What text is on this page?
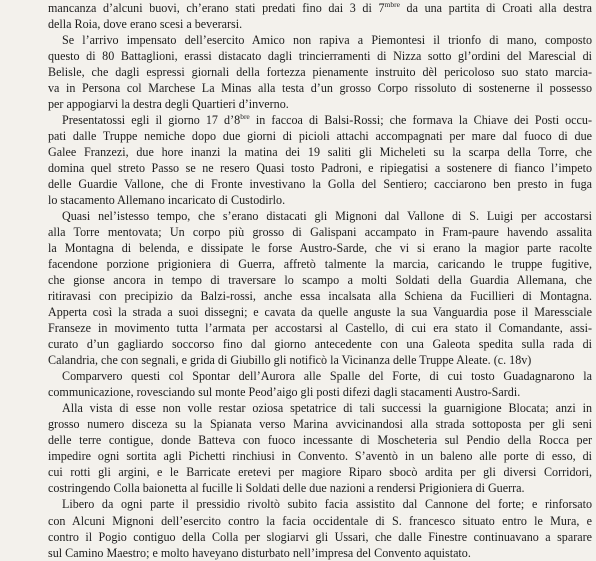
mancanza d’alcuni buovi, ch’erano stati predati fino dai 3 di $7^{mbre}$ da una partita di Croati alla destra
della Roia, dove erano scesi a beverarsi.
Se l’arrivo impensato dell’esercito Amico non rapiva a Piemontesi il trionfo di mano, composto
questo di 80 Battaglioni, erassi distacato dagli trincierramenti di Nizza sotto gl’ordini del Marescial di
Belisle, che dagli espressi giornali della fortezza pienamente instruito dèl pericoloso suo stato marcia-
va in Persona col Marchese La Minas alla testa d’un grosso Corpo rissoluto di sostenerne il possesso
per appogiarvi la destra degli Quartieri d’inverno.
Presentatossi egli il giorno 17 $d’8^{bre}$ in faccoa di Balsi-Rossi; che formava la Chiave dei Posti occu-
pati dalle Truppe nemiche dopo due giorni di picioli attachi accompagnati per mare dal fuoco di due
Galee Franzezi, due hore inanzi la matina dei 19 saliti gli Micheleti su la scarpa della Torre, che
domina quel streto Passo se ne resero Quasi tosto Padroni, e ripiegatisi a sostenere di fianco l’impeto
delle Guardie Vallone, che di Fronte investivano la Golla del Sentiero; cacciarono ben presto in fuga
lo stacamento Allemano incaricato di Custodirlo.
Quasi nel’istesso tempo, che s’erano distacati gli Mignoni dal Vallone di S. Luigi per accostarsi
alla Torre mentovata; Un corpo più grosso di Galispani accampato in Fram-paure havendo assalita
la Montagna di belenda, e dissipate le forse Austro-Sarde, che vi si erano la magior parte racolte
facendone porzione prigioniera di Guerra, affretò talmente la marcia, caricando le truppe fugitive,
che gionse ancora in tempo di traversare lo scampo a molti Soldati della Guardia Allemana, che
ritiravasi con precipizio da Balzi-rossi, anche essa incalsata alla Schiena da Fucillieri di Montagna.
Apperta così la strada a suoi dissegni; e cavata da quelle anguste la sua Vanguardia pose il Maressciale
Franseze in movimento tutta l’armata per accostarsi al Castello, di cui era stato il Comandante, assi-
curato d’un gagliardo soccorso fino dal giorno antecedente con una Galeota spedita sulla rada di
Calandria, che con segnali, e grida di Giubillo gli notificò la Vicinanza delle Truppe Aleate. (c. 18v)
Comparvero questi col Spontar dell’Aurora alle Spalle del Forte, di cui tosto Guadagnarono la
communicazione, rovesciando sul monte Peod’aigo gli posti difezi dagli stacamenti Austro-Sardi.
Alla vista di esse non volle restar oziosa spetatrice di tali successi la guarnigione Blocata; anzi in
grosso numero disceza su la Spianata verso Marina avvicinandosi alla strada sottoposta per gli seni
delle terre contigue, donde Batteva con fuoco incessante di Moscheteria sul Pendio della Rocca per
impedire ogni sortita agli Pichetti rinchiusi in Convento. S’aventò in un baleno alle porte di esso, di
cui rotti gli argini, e le Barricate eretevi per magiore Riparo sbocò ardita per gli diversi Corridori,
costringendo Colla baionetta al fucille li Soldati delle due nazioni a rendersi Prigioniera di Guerra.
Libero da ogni parte il pressidio rivoltò subito facia assistito dal Cannone del forte; e rinforsato
con Alcuni Mignoni dell’esercito contro la facia occidentale di S. francesco situato entro le Mura, e
contro il Pogio contiguo della Colla per slogiarvi gli Ussari, che dalle Finestre continuavano a sparare
sul Camino Maestro; e molto haveyano disturbato nell’impresa del Convento aquistato.
